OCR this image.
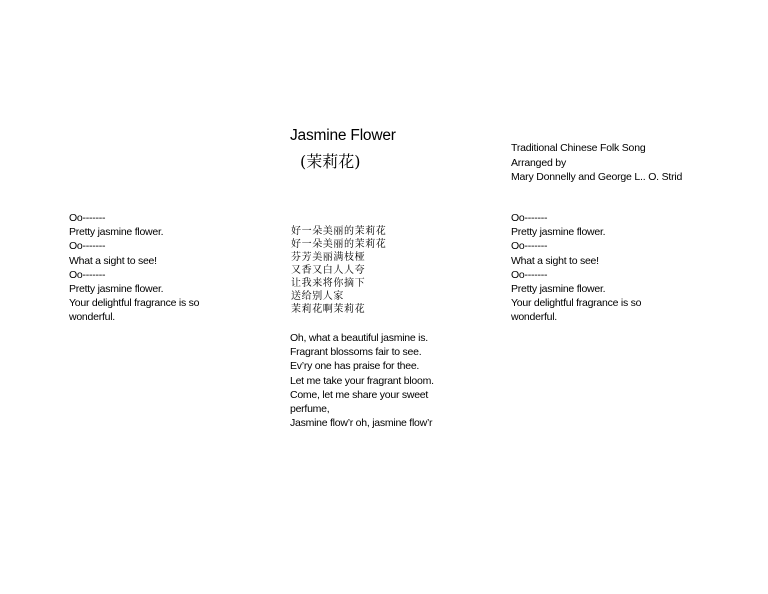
Jasmine Flower
(茉莉花)
Traditional Chinese Folk Song
Arranged by
Mary Donnelly and George L.. O. Strid
Oo-------
Pretty jasmine flower.
Oo-------
What a sight to see!
Oo-------
Pretty jasmine flower.
Your delightful fragrance is so wonderful.
好一朵美丽的茉莉花
好一朵美丽的茉莉花
芬芳美丽满枝桠
又香又白人人夸
让我来将你摘下
送给别人家
茉莉花啊茉莉花
Oh, what a beautiful jasmine is.
Fragrant blossoms fair to see.
Ev’ry one has praise for thee.
Let me take your fragrant bloom.
Come, let me share your sweet perfume,
Jasmine flow’r oh, jasmine flow’r
Oo-------
Pretty jasmine flower.
Oo-------
What a sight to see!
Oo-------
Pretty jasmine flower.
Your delightful fragrance is so wonderful.
